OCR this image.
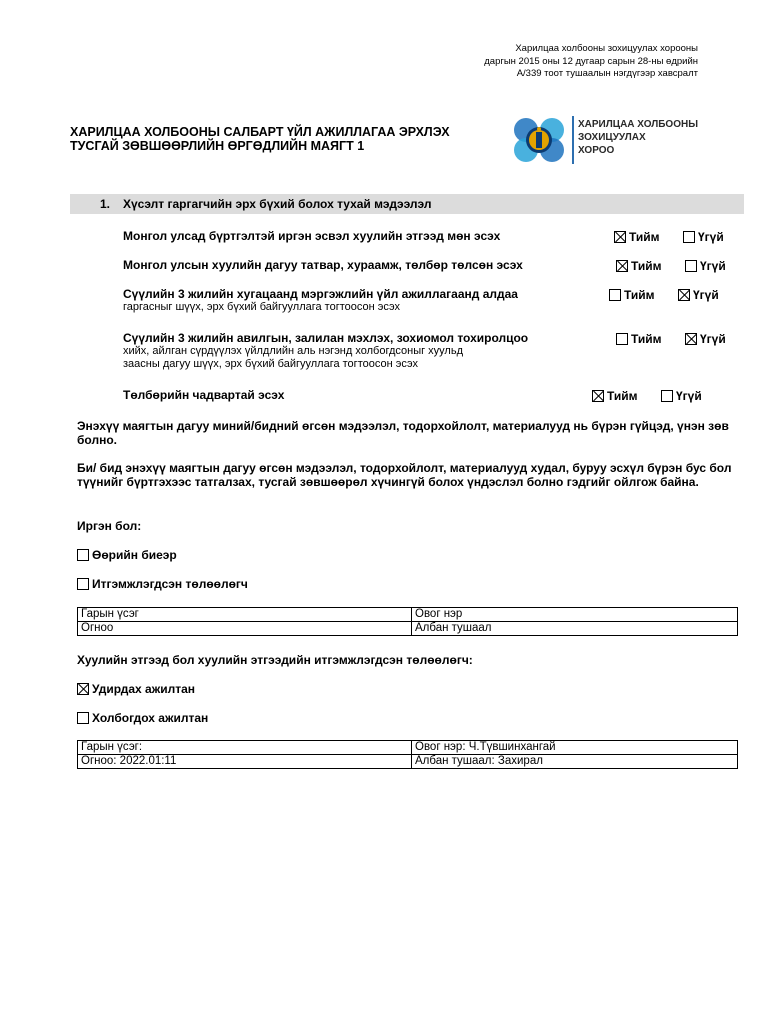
Харилцаа холбооны зохицуулах хорооны
даргын 2015 оны 12 дугаар сарын 28-ны өдрийн
А/339 тоот тушаалын нэгдүгээр хавсралт
ХАРИЛЦАА ХОЛБООНЫ САЛБАРТ ҮЙЛ АЖИЛЛАГАА ЭРХЛЭХ
ТУСГАЙ ЗӨВШӨӨРЛИЙН ӨРГӨДЛИЙН МАЯГТ 1
ХАРИЛЦАА ХОЛБООНЫ
ЗОХИЦУУЛАХ
ХОРОО
1. Хүсэлт гаргагчийн эрх бүхий болох тухай мэдээлэл
Монгол улсад бүртгэлтэй иргэн эсвэл хуулийн этгээд мөн эсэх	Тийм	Үгүй
Монгол улсын хуулийн дагуу татвар, хураамж, төлбөр төлсөн эсэх	Тийм	Үгүй
Сүүлийн 3 жилийн хугацаанд мэргэжлийн үйл ажиллагаанд алдаа
гаргасныг шүүх, эрх бүхий байгууллага тогтоосон эсэх
Тийм	Үгүй
Сүүлийн 3 жилийн авилгын, залилан мэхлэх, зохиомол тохиролцоо
хийх, айлган сүрдүүлэх үйлдлийн аль нэгэнд холбогдсоныг хуульд
заасны дагуу шүүх, эрх бүхий байгууллага тогтоосон эсэх
Тийм	Үгүй
Төлбөрийн чадвартай эсэх	Тийм	Үгүй
Энэхүү маягтын дагуу миний/бидний өгсөн мэдээлэл, тодорхойлолт, материалууд нь бүрэн гүйцэд, үнэн зөв болно.
Би/ бид энэхүү маягтын дагуу өгсөн мэдээлэл, тодорхойлолт, материалууд худал, буруу эсхүл бүрэн бус бол түүнийг бүртгэхээс татгалзах, тусгай зөвшөөрөл хүчингүй болох үндэслэл болно гэдгийг ойлгож байна.
Иргэн бол:
Өөрийн биеэр
Итгэмжлэгдсэн төлөөлөгч
Гарын үсэг	Овог нэр
Огноо	Албан тушаал
Хуулийн этгээд бол хуулийн этгээдийн итгэмжлэгдсэн төлөөлөгч:
Удирдах ажилтан
Холбогдох ажилтан
Гарын үсэг:	Овог нэр: Ч.Түвшинхангай
Огноо: 2022.01:11	Албан тушаал: Захирал
